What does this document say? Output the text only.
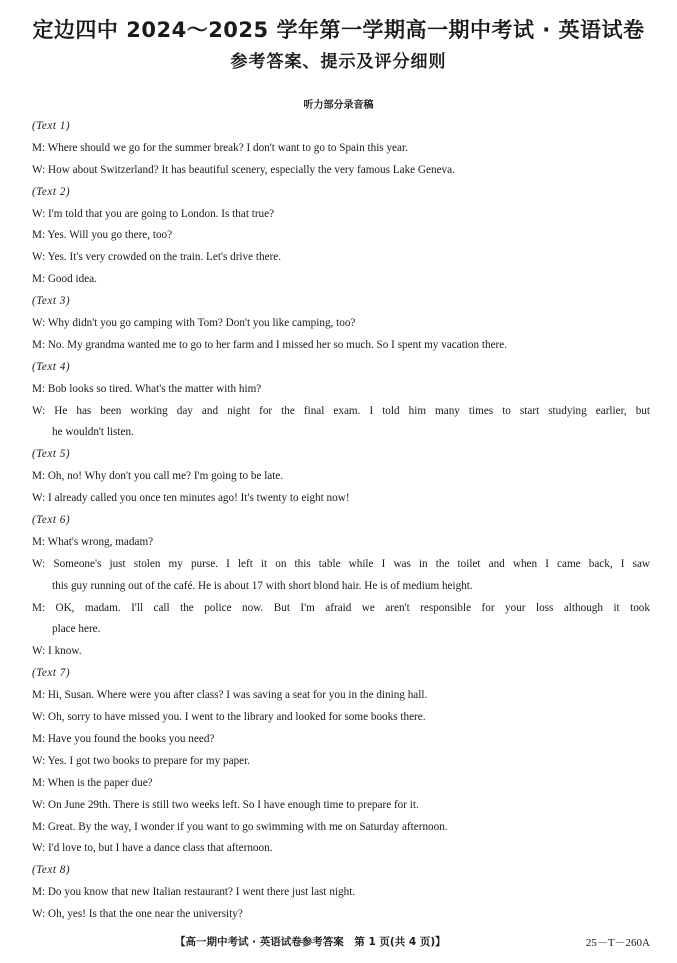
定边四中 2024～2025 学年第一学期高一期中考试 · 英语试卷
参考答案、提示及评分细则
听力部分录音稿
(Text 1)
M: Where should we go for the summer break? I don't want to go to Spain this year.
W: How about Switzerland? It has beautiful scenery, especially the very famous Lake Geneva.
(Text 2)
W: I'm told that you are going to London. Is that true?
M: Yes. Will you go there, too?
W: Yes. It's very crowded on the train. Let's drive there.
M: Good idea.
(Text 3)
W: Why didn't you go camping with Tom? Don't you like camping, too?
M: No. My grandma wanted me to go to her farm and I missed her so much. So I spent my vacation there.
(Text 4)
M: Bob looks so tired. What's the matter with him?
W: He has been working day and night for the final exam. I told him many times to start studying earlier, but
he wouldn't listen.
(Text 5)
M: Oh, no! Why don't you call me? I'm going to be late.
W: I already called you once ten minutes ago! It's twenty to eight now!
(Text 6)
M: What's wrong, madam?
W: Someone's just stolen my purse. I left it on this table while I was in the toilet and when I came back, I saw
this guy running out of the café. He is about 17 with short blond hair. He is of medium height.
M: OK, madam. I'll call the police now. But I'm afraid we aren't responsible for your loss although it took
place here.
W: I know.
(Text 7)
M: Hi, Susan. Where were you after class? I was saving a seat for you in the dining hall.
W: Oh, sorry to have missed you. I went to the library and looked for some books there.
M: Have you found the books you need?
W: Yes. I got two books to prepare for my paper.
M: When is the paper due?
W: On June 29th. There is still two weeks left. So I have enough time to prepare for it.
M: Great. By the way, I wonder if you want to go swimming with me on Saturday afternoon.
W: I'd love to, but I have a dance class that afternoon.
(Text 8)
M: Do you know that new Italian restaurant? I went there just last night.
W: Oh, yes! Is that the one near the university?
【高一期中考试 · 英语试卷参考答案　第 1 页(共 4 页)】	25－T－260A
